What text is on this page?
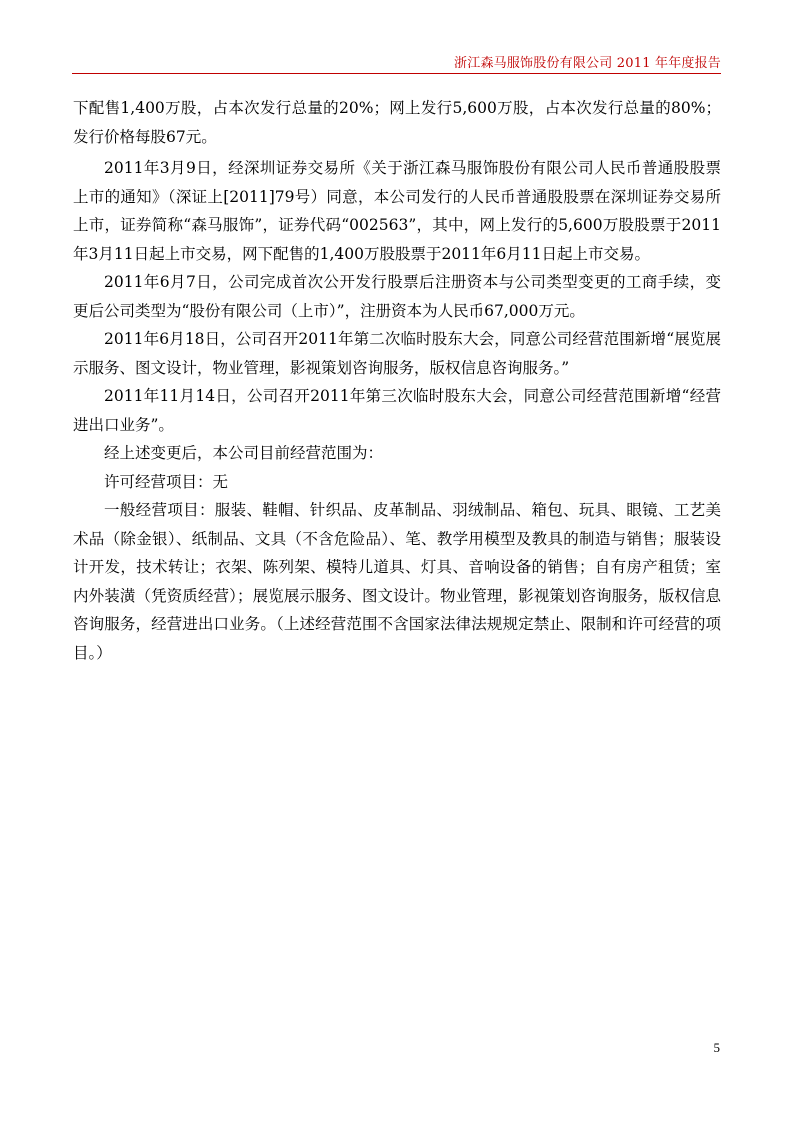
浙江森马服饰股份有限公司 2011 年年度报告

下配售1,400万股，占本次发行总量的20%；网上发行5,600万股，占本次发行总量的80%；发行价格每股67元。

2011年3月9日，经深圳证券交易所《关于浙江森马服饰股份有限公司人民币普通股股票上市的通知》（深证上[2011]79号）同意，本公司发行的人民币普通股股票在深圳证券交易所上市，证券简称“森马服饰”，证券代码“002563”，其中，网上发行的5,600万股股票于2011年3月11日起上市交易，网下配售的1,400万股股票于2011年6月11日起上市交易。

2011年6月7日，公司完成首次公开发行股票后注册资本与公司类型变更的工商手续，变更后公司类型为“股份有限公司（上市）”，注册资本为人民币67,000万元。

2011年6月18日，公司召开2011年第二次临时股东大会，同意公司经营范围新增“展览展示服务、图文设计，物业管理，影视策划咨询服务，版权信息咨询服务。”

2011年11月14日，公司召开2011年第三次临时股东大会，同意公司经营范围新增“经营进出口业务”。

经上述变更后，本公司目前经营范围为：

许可经营项目：无

一般经营项目：服装、鞋帽、针织品、皮革制品、羽绒制品、箱包、玩具、眼镜、工艺美术品（除金银）、纸制品、文具（不含危险品）、笔、教学用模型及教具的制造与销售；服装设计开发，技术转让；衣架、陈列架、模特儿道具、灯具、音响设备的销售；自有房产租赁；室内外装潢（凭资质经营）；展览展示服务、图文设计。物业管理，影视策划咨询服务，版权信息咨询服务，经营进出口业务。（上述经营范围不含国家法律法规规定禁止、限制和许可经营的项目。）

5
